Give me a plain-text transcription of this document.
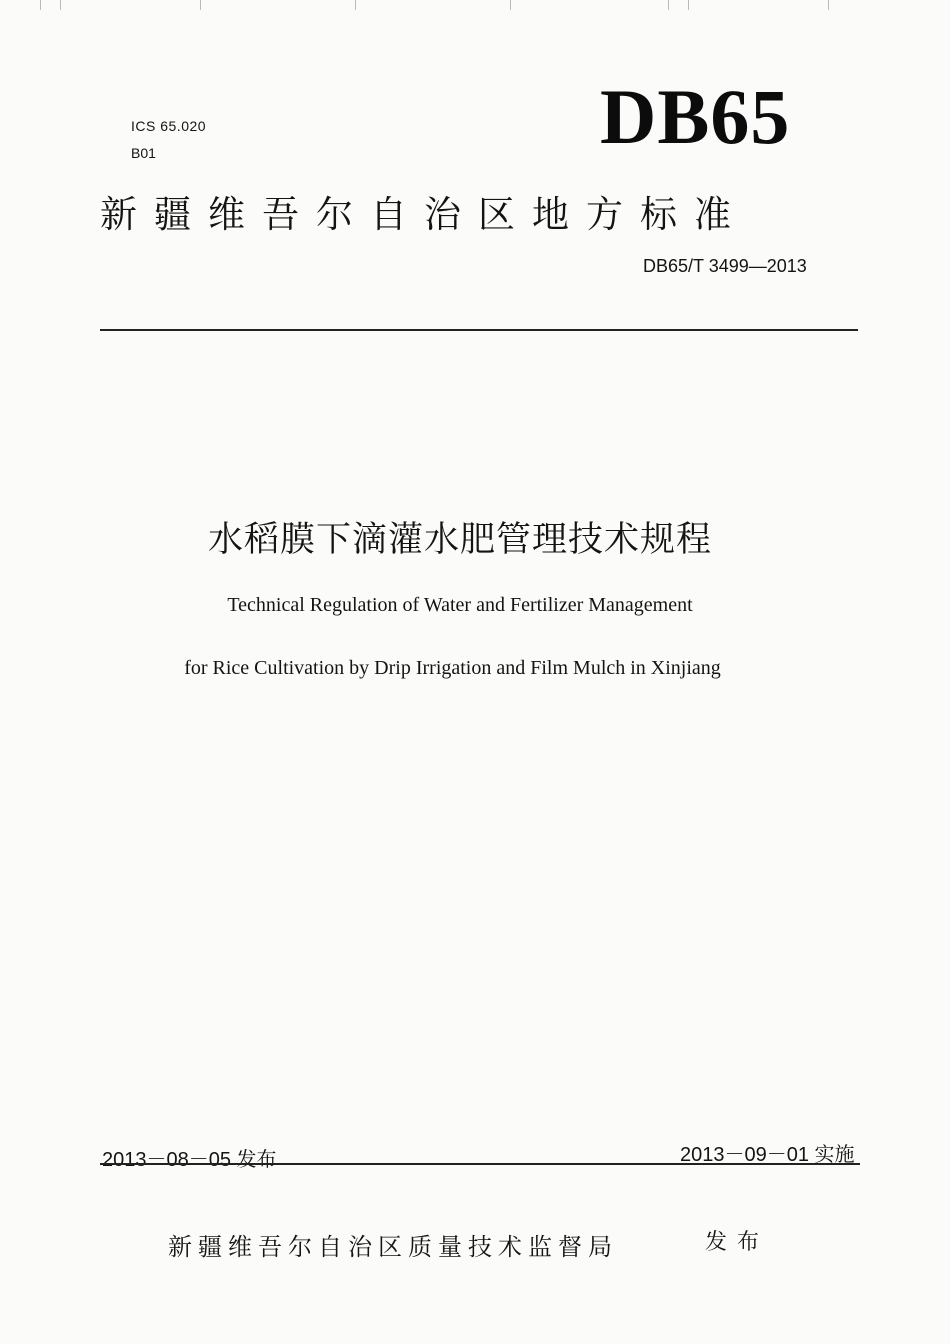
ICS 65.020
B01	DB65
新疆维吾尔自治区地方标准
DB65/T 3499—2013
水稻膜下滴灌水肥管理技术规程
Technical Regulation of Water and Fertilizer Management
for Rice Cultivation by Drip Irrigation and Film Mulch in Xinjiang
2013－08－05 发布	2013－09－01 实施
新疆维吾尔自治区质量技术监督局	发布
